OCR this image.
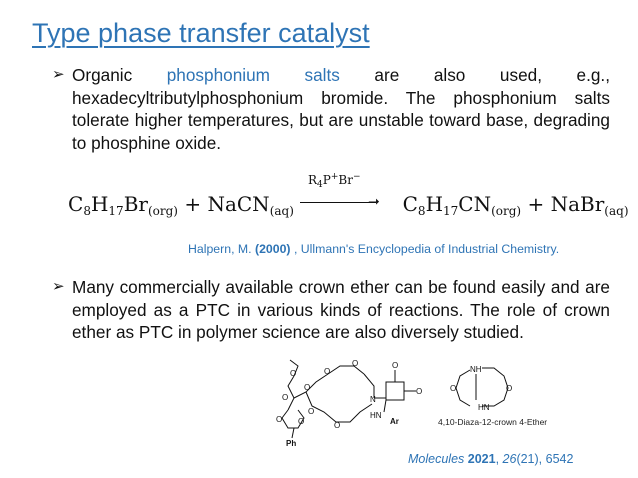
Type phase transfer catalyst
➢ Organic phosphonium salts are also used, e.g., hexadecyltributylphosphonium bromide. The phosphonium salts tolerate higher temperatures, but are unstable toward base, degrading to phosphine oxide.
$C_8H_{17}Br_{(org)}$ + NaCN$_{(aq)}$	$C_8H_{17}CN_{(org)}$ + NaBr$_{(aq)}$
$R_4P^+Br^-$
➝
Halpern, M. (2000) , Ullmann's Encyclopedia of Industrial Chemistry.
➢ Many commercially available crown ether can be found easily and are employed as a PTC in various kinds of reactions. The role of crown ether as PTC in polymer science are also diversely studied.
O
O
O
O
O
O
O
O O
N
O
O
HN
Ar
Ph
NH
HN
O	O
4,10-Diaza-12-crown 4-Ether
Molecules 2021, 26(21), 6542
